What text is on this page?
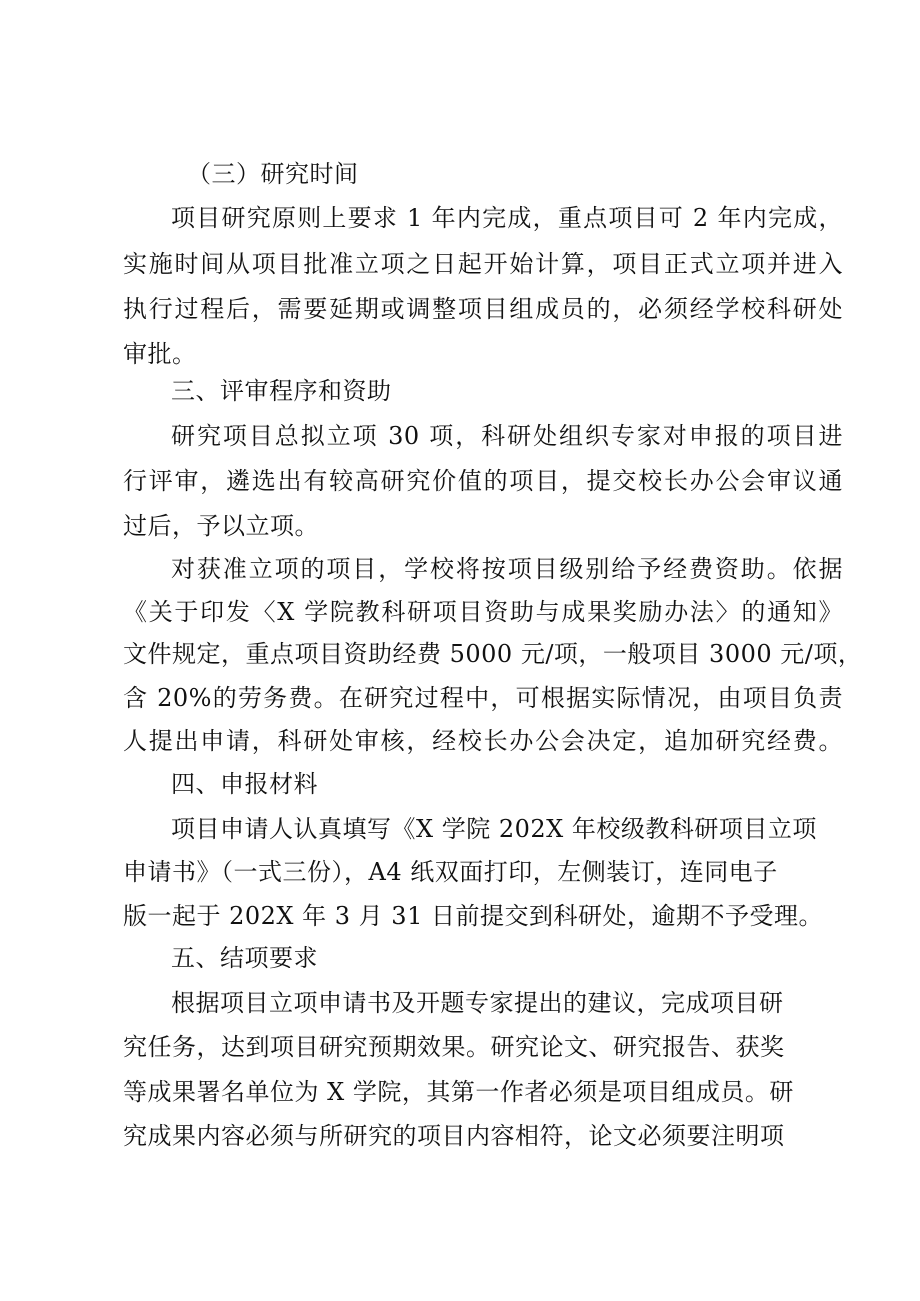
（三）研究时间
项目研究原则上要求 1 年内完成，重点项目可 2 年内完成，
实施时间从项目批准立项之日起开始计算，项目正式立项并进入
执行过程后，需要延期或调整项目组成员的，必须经学校科研处
审批。
三、评审程序和资助
研究项目总拟立项 30 项，科研处组织专家对申报的项目进
行评审，遴选出有较高研究价值的项目，提交校长办公会审议通
过后，予以立项。
对获准立项的项目，学校将按项目级别给予经费资助。依据
《关于印发〈X 学院教科研项目资助与成果奖励办法〉的通知》
文件规定，重点项目资助经费 5000 元/项，一般项目 3000 元/项，
含 20%的劳务费。在研究过程中，可根据实际情况，由项目负责
人提出申请，科研处审核，经校长办公会决定，追加研究经费。
四、申报材料
项目申请人认真填写《X 学院 202X 年校级教科研项目立项
申请书》（一式三份），A4 纸双面打印，左侧装订，连同电子
版一起于 202X 年 3 月 31 日前提交到科研处，逾期不予受理。
五、结项要求
根据项目立项申请书及开题专家提出的建议，完成项目研
究任务，达到项目研究预期效果。研究论文、研究报告、获奖
等成果署名单位为 X 学院，其第一作者必须是项目组成员。研
究成果内容必须与所研究的项目内容相符，论文必须要注明项
